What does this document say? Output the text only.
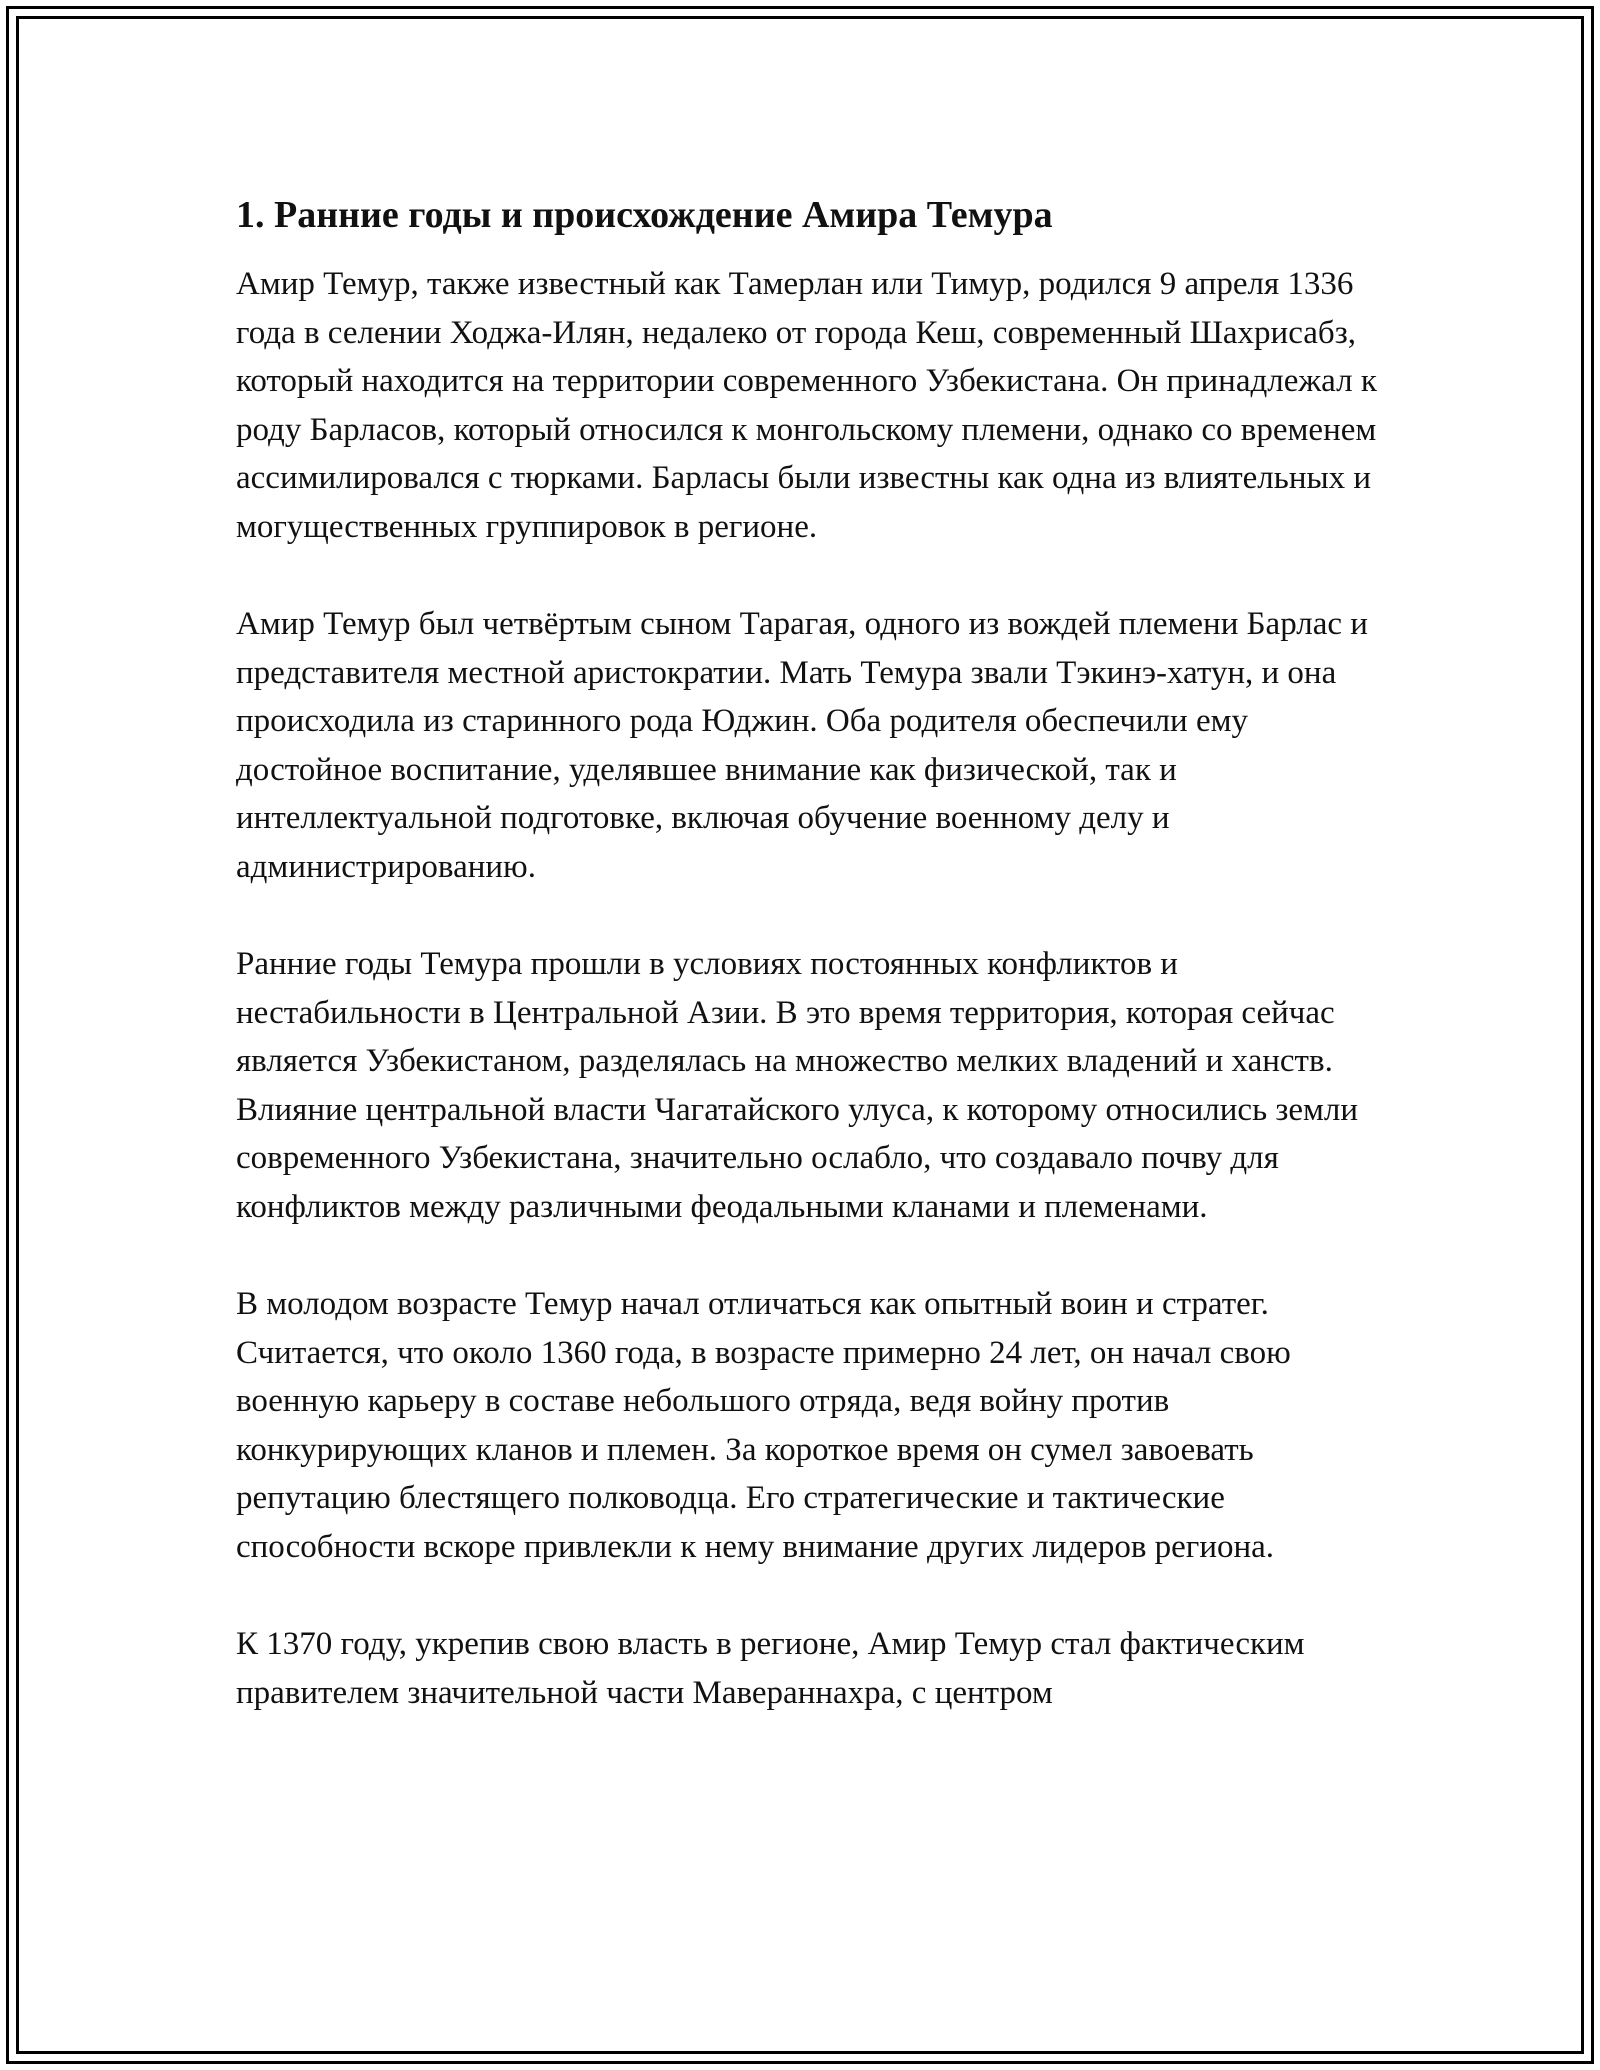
1. Ранние годы и происхождение Амира Темура

Амир Темур, также известный как Тамерлан или Тимур, родился 9 апреля 1336 года в селении Ходжа-Илян, недалеко от города Кеш, современный Шахрисабз, который находится на территории современного Узбекистана. Он принадлежал к роду Барласов, который относился к монгольскому племени, однако со временем ассимилировался с тюрками. Барласы были известны как одна из влиятельных и могущественных группировок в регионе.

Амир Темур был четвёртым сыном Тарагая, одного из вождей племени Барлас и представителя местной аристократии. Мать Темура звали Тэкинэ-хатун, и она происходила из старинного рода Юджин. Оба родителя обеспечили ему достойное воспитание, уделявшее внимание как физической, так и интеллектуальной подготовке, включая обучение военному делу и администрированию.

Ранние годы Темура прошли в условиях постоянных конфликтов и нестабильности в Центральной Азии. В это время территория, которая сейчас является Узбекистаном, разделялась на множество мелких владений и ханств. Влияние центральной власти Чагатайского улуса, к которому относились земли современного Узбекистана, значительно ослабло, что создавало почву для конфликтов между различными феодальными кланами и племенами.

В молодом возрасте Темур начал отличаться как опытный воин и стратег. Считается, что около 1360 года, в возрасте примерно 24 лет, он начал свою военную карьеру в составе небольшого отряда, ведя войну против конкурирующих кланов и племен. За короткое время он сумел завоевать репутацию блестящего полководца. Его стратегические и тактические способности вскоре привлекли к нему внимание других лидеров региона.

К 1370 году, укрепив свою власть в регионе, Амир Темур стал фактическим правителем значительной части Мавераннахра, с центром
